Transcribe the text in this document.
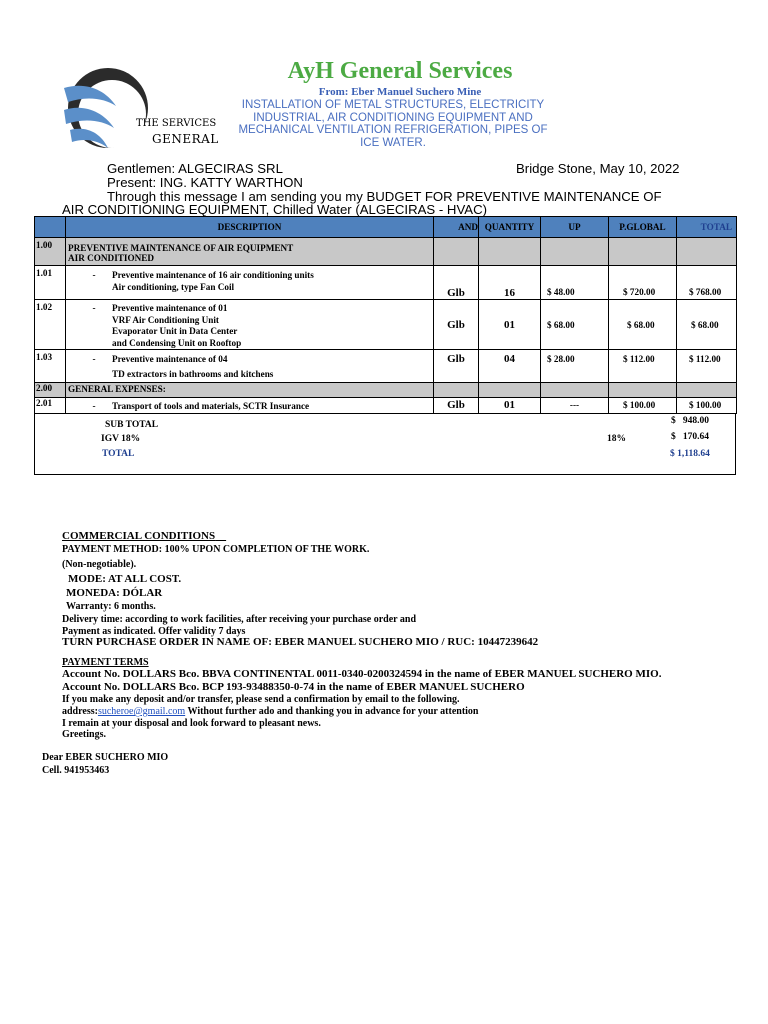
THE SERVICES
GENERAL
AyH General Services
From: Eber Manuel Suchero Mine
INSTALLATION OF METAL STRUCTURES, ELECTRICITY INDUSTRIAL, AIR CONDITIONING EQUIPMENT AND MECHANICAL VENTILATION REFRIGERATION, PIPES OF ICE WATER.
Gentlemen: ALGECIRAS SRL	Bridge Stone, May 10, 2022
Present: ING. KATTY WARTHON
Through this message I am sending you my BUDGET FOR PREVENTIVE MAINTENANCE OF
AIR CONDITIONING EQUIPMENT, Chilled Water (ALGECIRAS - HVAC)
	DESCRIPTION	AND	QUANTITY	UP	P.GLOBAL	TOTAL
1.00	PREVENTIVE MAINTENANCE OF AIR EQUIPMENT
AIR CONDITIONED					

1.01	- Preventive maintenance of 16 air conditioning units
Air conditioning, type Fan Coil	Glb	16	$ 48.00	$ 720.00	$ 768.00
1.02	- Preventive maintenance of 01
VRF Air Conditioning Unit
Evaporator Unit in Data Center
and Condensing Unit on Rooftop	Glb	01	$ 68.00	$ 68.00	$ 68.00
1.03	- Preventive maintenance of 04
TD extractors in bathrooms and kitchens	Glb	04	$ 28.00	$ 112.00	$ 112.00
2.00	GENERAL EXPENSES:					
2.01	- Transport of tools and materials, SCTR Insurance	Glb	01	---	$ 100.00	$ 100.00
SUB TOTAL	$   948.00
IGV 18%	18%	$   170.64
TOTAL	$ 1,118.64
COMMERCIAL CONDITIONS
PAYMENT METHOD: 100% UPON COMPLETION OF THE WORK.
(Non-negotiable).
MODE: AT ALL COST.
MONEDA: DÓLAR
Warranty: 6 months.
Delivery time: according to work facilities, after receiving your purchase order and
Payment as indicated. Offer validity 7 days
TURN PURCHASE ORDER IN NAME OF: EBER MANUEL SUCHERO MIO / RUC: 10447239642
PAYMENT TERMS
Account No. DOLLARS Bco. BBVA CONTINENTAL 0011-0340-0200324594 in the name of EBER MANUEL SUCHERO MIO.
Account No. DOLLARS Bco. BCP 193-93488350-0-74 in the name of EBER MANUEL SUCHERO
If you make any deposit and/or transfer, please send a confirmation by email to the following.
address:sucheroe@gmail.com Without further ado and thanking you in advance for your attention
I remain at your disposal and look forward to pleasant news.
Greetings.
Dear EBER SUCHERO MIO
Cell. 941953463
